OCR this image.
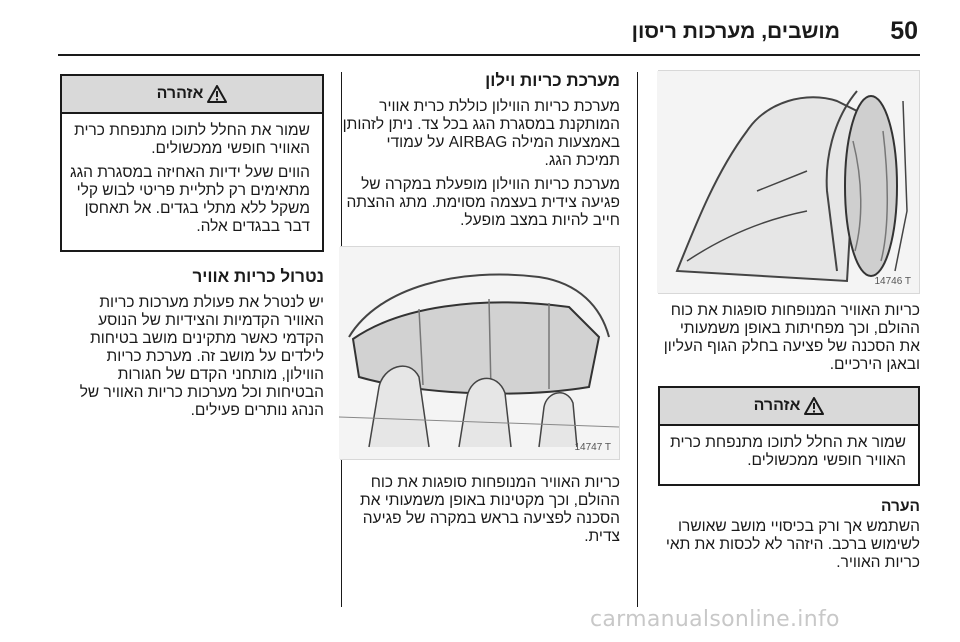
50
מושבים, מערכות ריסון
14746 T

כריות האוויר המנופחות סופגות את כוח ההולם, וכך מפחיתות באופן משמעותי את הסכנה של פציעה בחלק הגוף העליון ובאגן הירכיים.

אזהרה

שמור את החלל לתוכו מתנפחת כרית האוויר חופשי ממכשולים.

הערה

השתמש אך ורק בכיסויי מושב שאושרו לשימוש ברכב. היזהר לא לכסות את תאי כריות האוויר.

מערכת כריות וילון

מערכת כריות הווילון כוללת כרית אוויר המותקנת במסגרת הגג בכל צד. ניתן לזהותן באמצעות המילה AIRBAG על עמודי תמיכת הגג.

מערכת כריות הווילון מופעלת במקרה של פגיעה צידית בעצמה מסוימת. מתג ההצתה חייב להיות במצב מופעל.

14747 T

כריות האוויר המנופחות סופגות את כוח ההולם, וכך מקטינות באופן משמעותי את הסכנה לפציעה בראש במקרה של פגיעה צדית.

אזהרה

שמור את החלל לתוכו מתנפחת כרית האוויר חופשי ממכשולים.

הווים שעל ידיות האחיזה במסגרת הגג מתאימים רק לתליית פריטי לבוש קלי משקל ללא מתלי בגדים. אל תאחסן דבר בבגדים אלה.

נטרול כריות אוויר

יש לנטרל את פעולת מערכות כריות האוויר הקדמיות והצידיות של הנוסע הקדמי כאשר מתקינים מושב בטיחות לילדים על מושב זה. מערכת כריות הווילון, מותחני הקדם של חגורות הבטיחות וכל מערכות כריות האוויר של הנהג נותרים פעילים.

carmanualsonline.info
